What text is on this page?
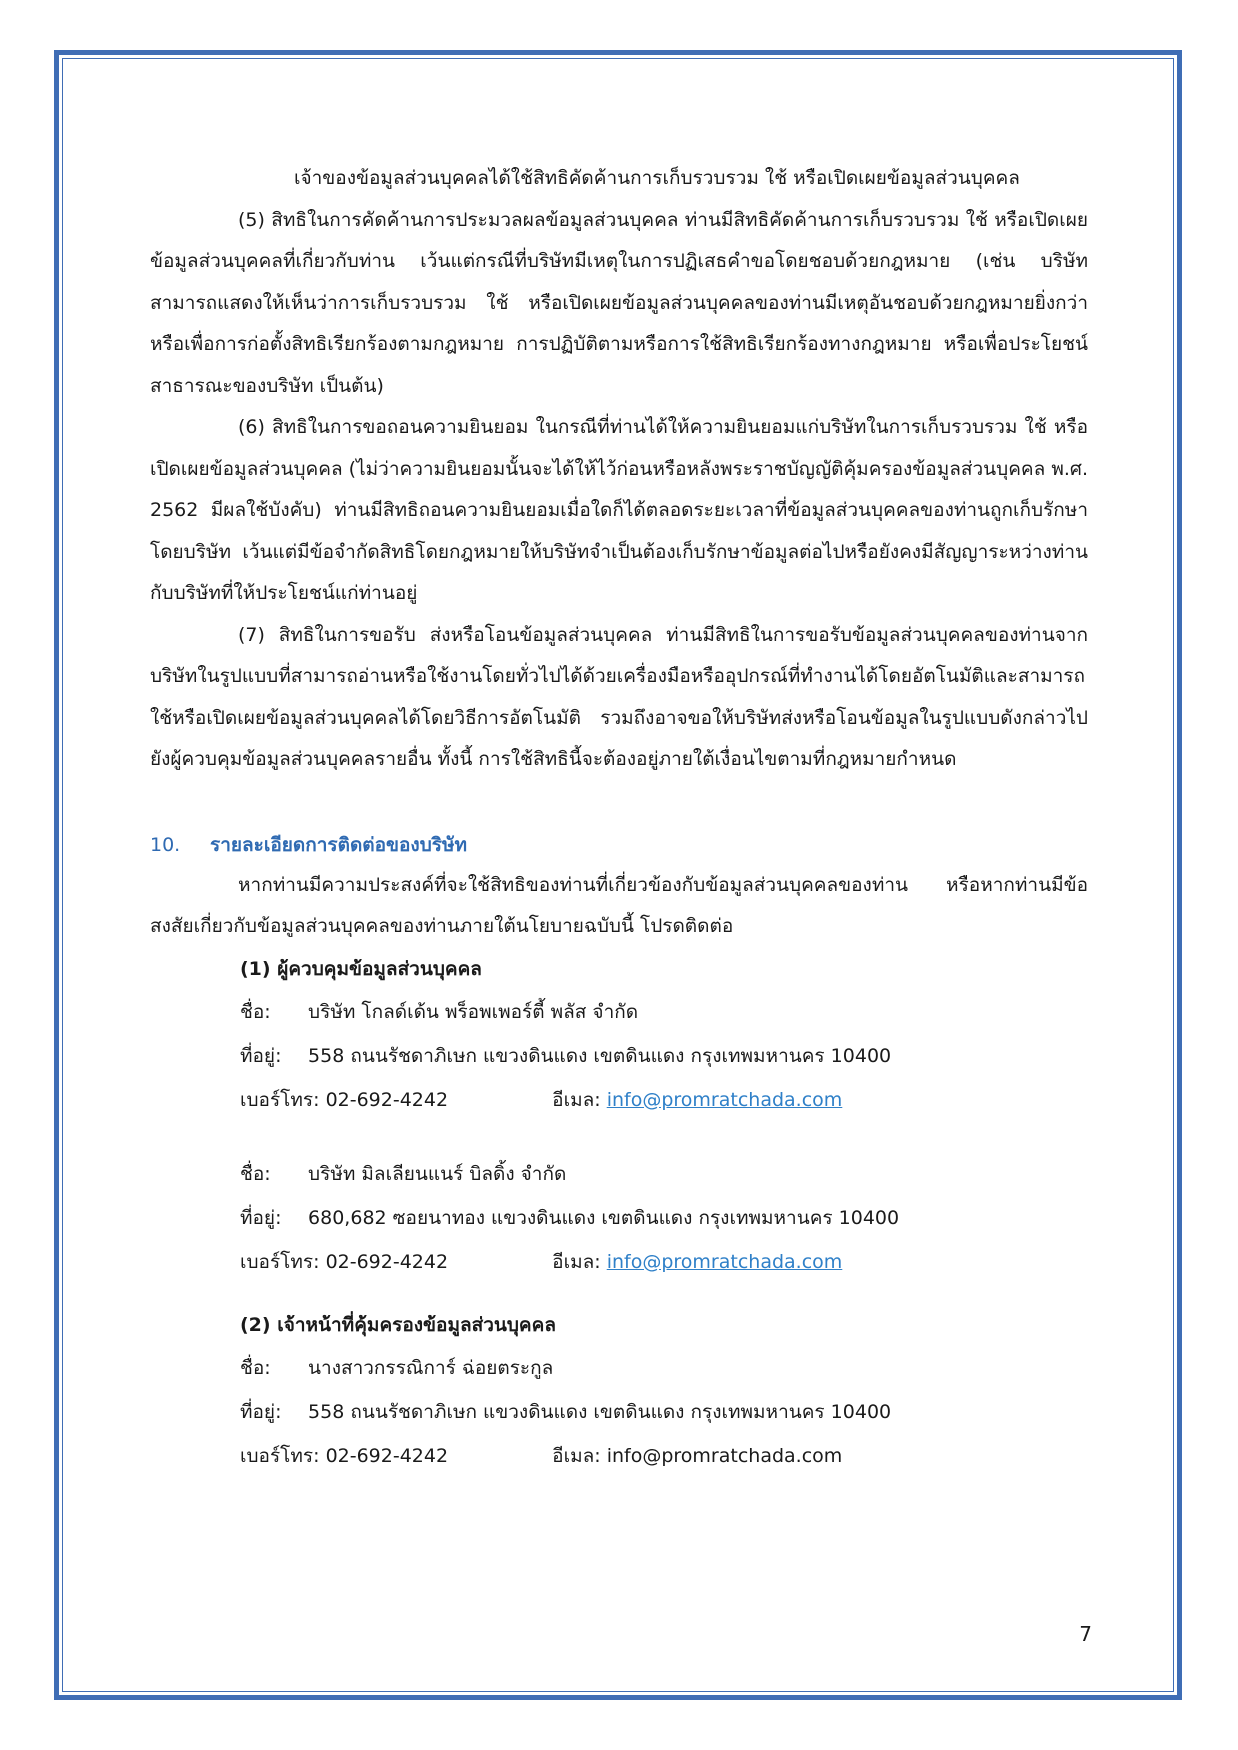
เจ้าของข้อมูลส่วนบุคคลได้ใช้สิทธิคัดค้านการเก็บรวบรวม ใช้ หรือเปิดเผยข้อมูลส่วนบุคคล

(5) สิทธิในการคัดค้านการประมวลผลข้อมูลส่วนบุคคล ท่านมีสิทธิคัดค้านการเก็บรวบรวม ใช้ หรือเปิดเผยข้อมูลส่วนบุคคลที่เกี่ยวกับท่าน เว้นแต่กรณีที่บริษัทมีเหตุในการปฏิเสธคำขอโดยชอบด้วยกฎหมาย (เช่น บริษัทสามารถแสดงให้เห็นว่าการเก็บรวบรวม ใช้ หรือเปิดเผยข้อมูลส่วนบุคคลของท่านมีเหตุอันชอบด้วยกฎหมายยิ่งกว่า หรือเพื่อการก่อตั้งสิทธิเรียกร้องตามกฎหมาย การปฏิบัติตามหรือการใช้สิทธิเรียกร้องทางกฎหมาย หรือเพื่อประโยชน์สาธารณะของบริษัท เป็นต้น)

(6) สิทธิในการขอถอนความยินยอม ในกรณีที่ท่านได้ให้ความยินยอมแก่บริษัทในการเก็บรวบรวม ใช้ หรือเปิดเผยข้อมูลส่วนบุคคล (ไม่ว่าความยินยอมนั้นจะได้ให้ไว้ก่อนหรือหลังพระราชบัญญัติคุ้มครองข้อมูลส่วนบุคคล พ.ศ. 2562 มีผลใช้บังคับ) ท่านมีสิทธิถอนความยินยอมเมื่อใดก็ได้ตลอดระยะเวลาที่ข้อมูลส่วนบุคคลของท่านถูกเก็บรักษาโดยบริษัท เว้นแต่มีข้อจำกัดสิทธิโดยกฎหมายให้บริษัทจำเป็นต้องเก็บรักษาข้อมูลต่อไปหรือยังคงมีสัญญาระหว่างท่านกับบริษัทที่ให้ประโยชน์แก่ท่านอยู่

(7) สิทธิในการขอรับ ส่งหรือโอนข้อมูลส่วนบุคคล ท่านมีสิทธิในการขอรับข้อมูลส่วนบุคคลของท่านจากบริษัทในรูปแบบที่สามารถอ่านหรือใช้งานโดยทั่วไปได้ด้วยเครื่องมือหรืออุปกรณ์ที่ทำงานได้โดยอัตโนมัติและสามารถใช้หรือเปิดเผยข้อมูลส่วนบุคคลได้โดยวิธีการอัตโนมัติ รวมถึงอาจขอให้บริษัทส่งหรือโอนข้อมูลในรูปแบบดังกล่าวไปยังผู้ควบคุมข้อมูลส่วนบุคคลรายอื่น ทั้งนี้ การใช้สิทธินี้จะต้องอยู่ภายใต้เงื่อนไขตามที่กฎหมายกำหนด

10. รายละเอียดการติดต่อของบริษัท

หากท่านมีความประสงค์ที่จะใช้สิทธิของท่านที่เกี่ยวข้องกับข้อมูลส่วนบุคคลของท่าน หรือหากท่านมีข้อสงสัยเกี่ยวกับข้อมูลส่วนบุคคลของท่านภายใต้นโยบายฉบับนี้ โปรดติดต่อ

(1) ผู้ควบคุมข้อมูลส่วนบุคคล

ชื่อ: บริษัท โกลด์เด้น พร็อพเพอร์ตี้ พลัส จำกัด

ที่อยู่: 558 ถนนรัชดาภิเษก แขวงดินแดง เขตดินแดง กรุงเทพมหานคร 10400

เบอร์โทร: 02-692-4242	อีเมล: info@promratchada.com

ชื่อ: บริษัท มิลเลียนแนร์ บิลดิ้ง จำกัด

ที่อยู่: 680,682 ซอยนาทอง แขวงดินแดง เขตดินแดง กรุงเทพมหานคร 10400

เบอร์โทร: 02-692-4242	อีเมล: info@promratchada.com

(2) เจ้าหน้าที่คุ้มครองข้อมูลส่วนบุคคล

ชื่อ: นางสาวกรรณิการ์ ฉ่อยตระกูล

ที่อยู่: 558 ถนนรัชดาภิเษก แขวงดินแดง เขตดินแดง กรุงเทพมหานคร 10400

เบอร์โทร: 02-692-4242	อีเมล: info@promratchada.com

7
